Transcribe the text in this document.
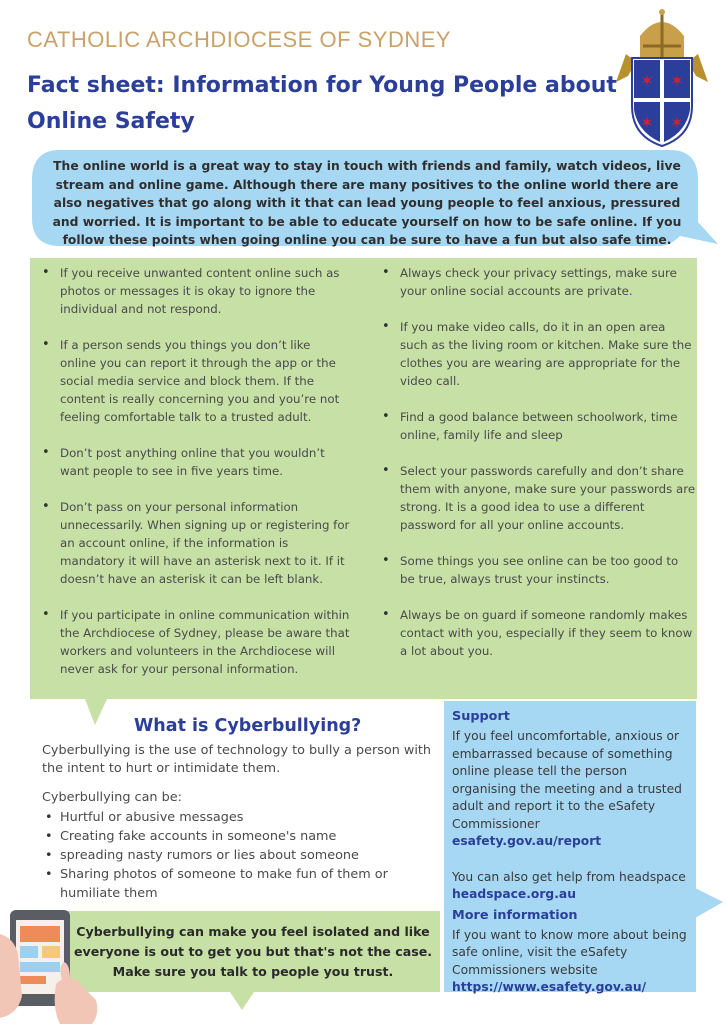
CATHOLIC ARCHDIOCESE OF SYDNEY
Fact sheet: Information for Young People about Online Safety
✶ ✶
✶ ✶
The online world is a great way to stay in touch with friends and family, watch videos, live stream and online game. Although there are many positives to the online world there are also negatives that go along with it that can lead young people to feel anxious, pressured and worried. It is important to be able to educate yourself on how to be safe online. If you follow these points when going online you can be sure to have a fun but also safe time.
• If you receive unwanted content online such as photos or messages it is okay to ignore the individual and not respond.
• If a person sends you things you don’t like online you can report it through the app or the social media service and block them. If the content is really concerning you and you’re not feeling comfortable talk to a trusted adult.
• Don’t post anything online that you wouldn’t want people to see in five years time.
• Don’t pass on your personal information unnecessarily. When signing up or registering for an account online, if the information is mandatory it will have an asterisk next to it. If it doesn’t have an asterisk it can be left blank.
• If you participate in online communication within the Archdiocese of Sydney, please be aware that workers and volunteers in the Archdiocese will never ask for your personal information.
• Always check your privacy settings, make sure your online social accounts are private.
• If you make video calls, do it in an open area such as the living room or kitchen. Make sure the clothes you are wearing are appropriate for the video call.
• Find a good balance between schoolwork, time online, family life and sleep
• Select your passwords carefully and don’t share them with anyone, make sure your passwords are strong. It is a good idea to use a different password for all your online accounts.
• Some things you see online can be too good to be true, always trust your instincts.
• Always be on guard if someone randomly makes contact with you, especially if they seem to know a lot about you.
What is Cyberbullying?
Cyberbullying is the use of technology to bully a person with the intent to hurt or intimidate them.
Cyberbullying can be:
• Hurtful or abusive messages
• Creating fake accounts in someone's name
• spreading nasty rumors or lies about someone
• Sharing photos of someone to make fun of them or humiliate them
Support
If you feel uncomfortable, anxious or embarrassed because of something online please tell the person organising the meeting and a trusted adult and report it to the eSafety Commissioner
esafety.gov.au/report
You can also get help from headspace
headspace.org.au
More information
If you want to know more about being safe online, visit the eSafety Commissioners website
https://www.esafety.gov.au/
Cyberbullying can make you feel isolated and like everyone is out to get you but that's not the case. Make sure you talk to people you trust.
